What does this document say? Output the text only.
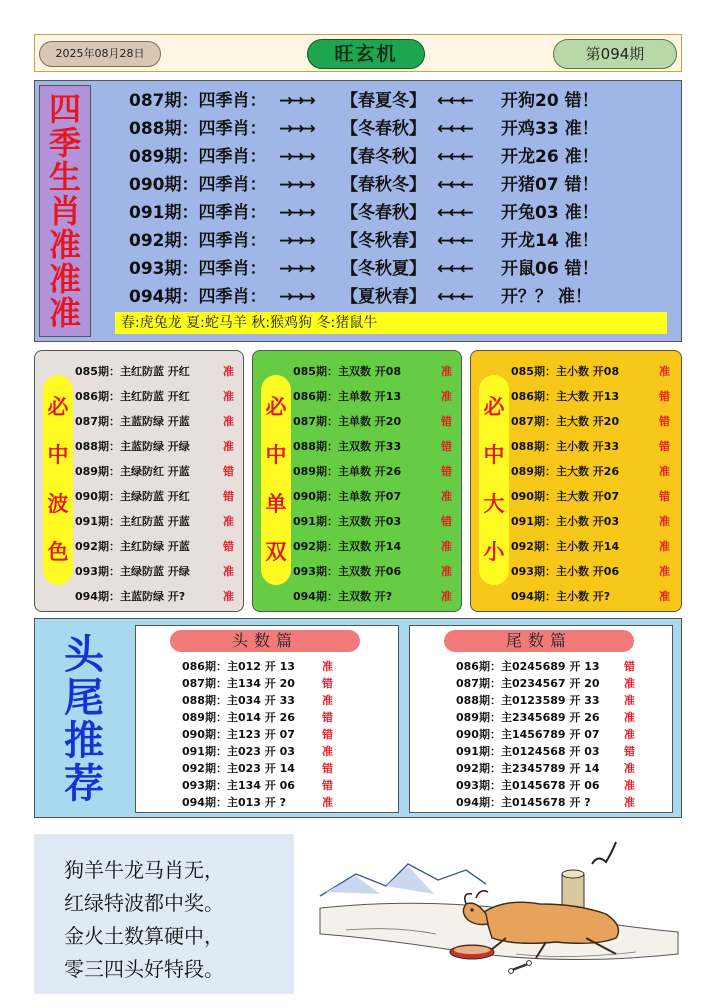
2025年08月28日	旺玄机	第094期
四
季
生
肖
准
准
准
087期：四季肖： →→→	【春夏冬】 ←←←	开狗20 错！
088期：四季肖： →→→	【冬春秋】 ←←←	开鸡33 准！
089期：四季肖： →→→	【春冬秋】 ←←←	开龙26 准！
090期：四季肖： →→→	【春秋冬】 ←←←	开猪07 错！
091期：四季肖： →→→	【冬春秋】 ←←←	开兔03 准！
092期：四季肖： →→→	【冬秋春】 ←←←	开龙14 准！
093期：四季肖： →→→	【冬秋夏】 ←←←	开鼠06 错！
094期：四季肖： →→→	【夏秋春】 ←←←	开？？ 准！
春:虎兔龙 夏:蛇马羊 秋:猴鸡狗 冬:猪鼠牛
必
中
波
色
085期：主红防蓝 开红	准
086期：主红防蓝 开红	准
087期：主蓝防绿 开蓝	准
088期：主蓝防绿 开绿	准
089期：主绿防红 开蓝	错
090期：主绿防蓝 开红	错
091期：主红防蓝 开蓝	准
092期：主红防绿 开蓝	错
093期：主绿防蓝 开绿	准
094期：主蓝防绿 开?	准
必
中
单
双
085期：主双数 开08	准
086期：主单数 开13	准
087期：主单数 开20	错
088期：主双数 开33	错
089期：主单数 开26	错
090期：主单数 开07	准
091期：主双数 开03	错
092期：主双数 开14	准
093期：主双数 开06	准
094期：主双数 开?	准
必
中
大
小
085期：主小数 开08	准
086期：主大数 开13	错
087期：主大数 开20	错
088期：主小数 开33	错
089期：主大数 开26	准
090期：主大数 开07	错
091期：主小数 开03	准
092期：主小数 开14	准
093期：主小数 开06	准
094期：主小数 开?	准
头
尾
推
荐
头数篇
086期：主012 开 13	准
087期：主134 开 20	错
088期：主034 开 33	准
089期：主014 开 26	错
090期：主123 开 07	错
091期：主023 开 03	准
092期：主023 开 14	错
093期：主134 开 06	错
094期：主013 开 ?	准
尾数篇
086期：主0245689 开 13	错
087期：主0234567 开 20	准
088期：主0123589 开 33	准
089期：主2345689 开 26	准
090期：主1456789 开 07	准
091期：主0124568 开 03	错
092期：主2345789 开 14	准
093期：主0145678 开 06	准
094期：主0145678 开 ?	准
狗羊牛龙马肖无，
红绿特波都中奖。
金火土数算硬中，
零三四头好特段。
